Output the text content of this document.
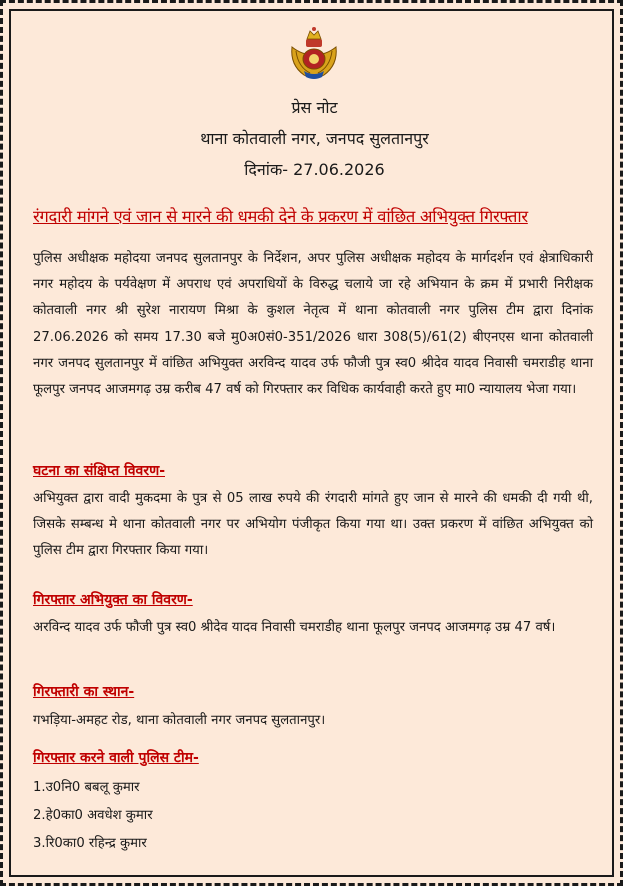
प्रेस नोट
थाना कोतवाली नगर, जनपद सुलतानपुर
दिनांक- 27.06.2026
रंगदारी मांगने एवं जान से मारने की धमकी देने के प्रकरण में वांछित अभियुक्त गिरफ्तार
पुलिस अधीक्षक महोदया जनपद सुलतानपुर के निर्देशन, अपर पुलिस अधीक्षक महोदय के मार्गदर्शन एवं क्षेत्राधिकारी नगर महोदय के पर्यवेक्षण में अपराध एवं अपराधियों के विरुद्ध चलाये जा रहे अभियान के क्रम में प्रभारी निरीक्षक कोतवाली नगर श्री सुरेश नारायण मिश्रा के कुशल नेतृत्व में थाना कोतवाली नगर पुलिस टीम द्वारा दिनांक 27.06.2026 को समय 17.30 बजे मु0अ0सं0-351/2026 धारा 308(5)/61(2) बीएनएस थाना कोतवाली नगर जनपद सुलतानपुर में वांछित अभियुक्त अरविन्द यादव उर्फ फौजी पुत्र स्व0 श्रीदेव यादव निवासी चमराडीह थाना फूलपुर जनपद आजमगढ़ उम्र करीब 47 वर्ष को गिरफ्तार कर विधिक कार्यवाही करते हुए मा0 न्यायालय भेजा गया।
घटना का संक्षिप्त विवरण-
अभियुक्त द्वारा वादी मुकदमा के पुत्र से 05 लाख रुपये की रंगदारी मांगते हुए जान से मारने की धमकी दी गयी थी, जिसके सम्बन्ध मे थाना कोतवाली नगर पर अभियोग पंजीकृत किया गया था। उक्त प्रकरण में वांछित अभियुक्त को पुलिस टीम द्वारा गिरफ्तार किया गया।
गिरफ्तार अभियुक्त का विवरण-
अरविन्द यादव उर्फ फौजी पुत्र स्व0 श्रीदेव यादव निवासी चमराडीह थाना फूलपुर जनपद आजमगढ़ उम्र 47 वर्ष।
गिरफ्तारी का स्थान-
गभड़िया-अमहट रोड, थाना कोतवाली नगर जनपद सुलतानपुर।
गिरफ्तार करने वाली पुलिस टीम-
1.उ0नि0 बबलू कुमार
2.हे0का0 अवधेश कुमार
3.रि0का0 रहिन्द्र कुमार
